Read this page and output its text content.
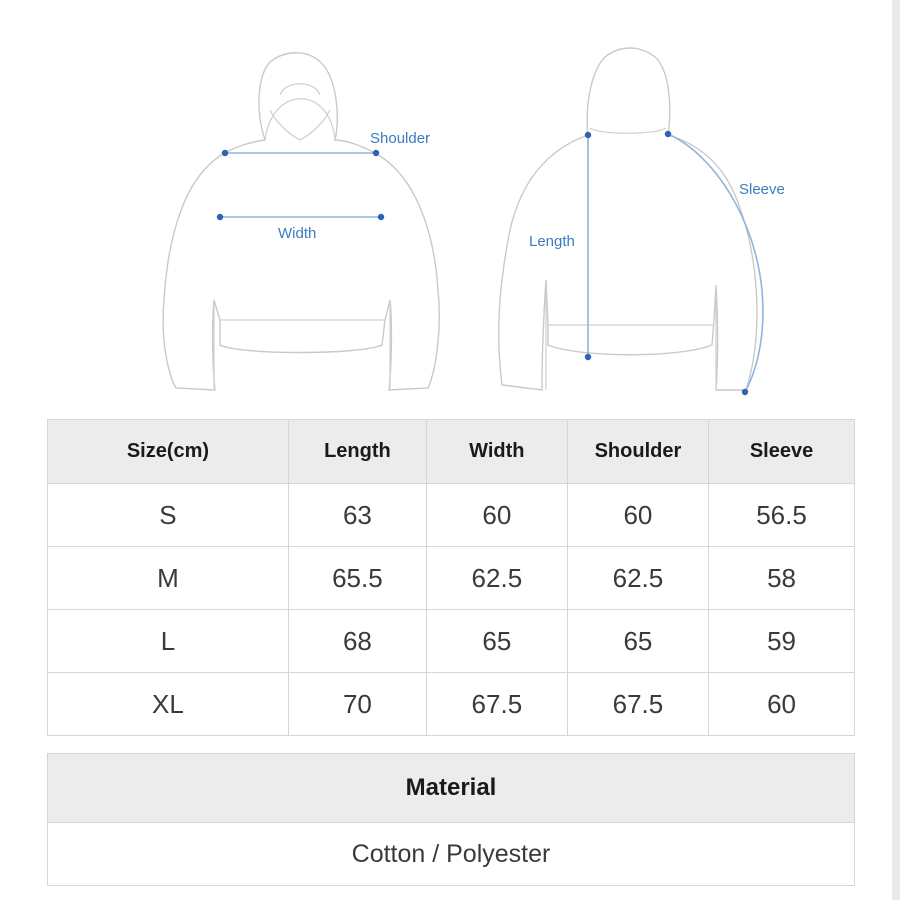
Shoulder
Width	Length
Sleeve
Size(cm)	Length	Width	Shoulder	Sleeve
S	63	60	60	56.5
M	65.5	62.5	62.5	58
L	68	65	65	59
XL	70	67.5	67.5	60
Material
Cotton / Polyester
